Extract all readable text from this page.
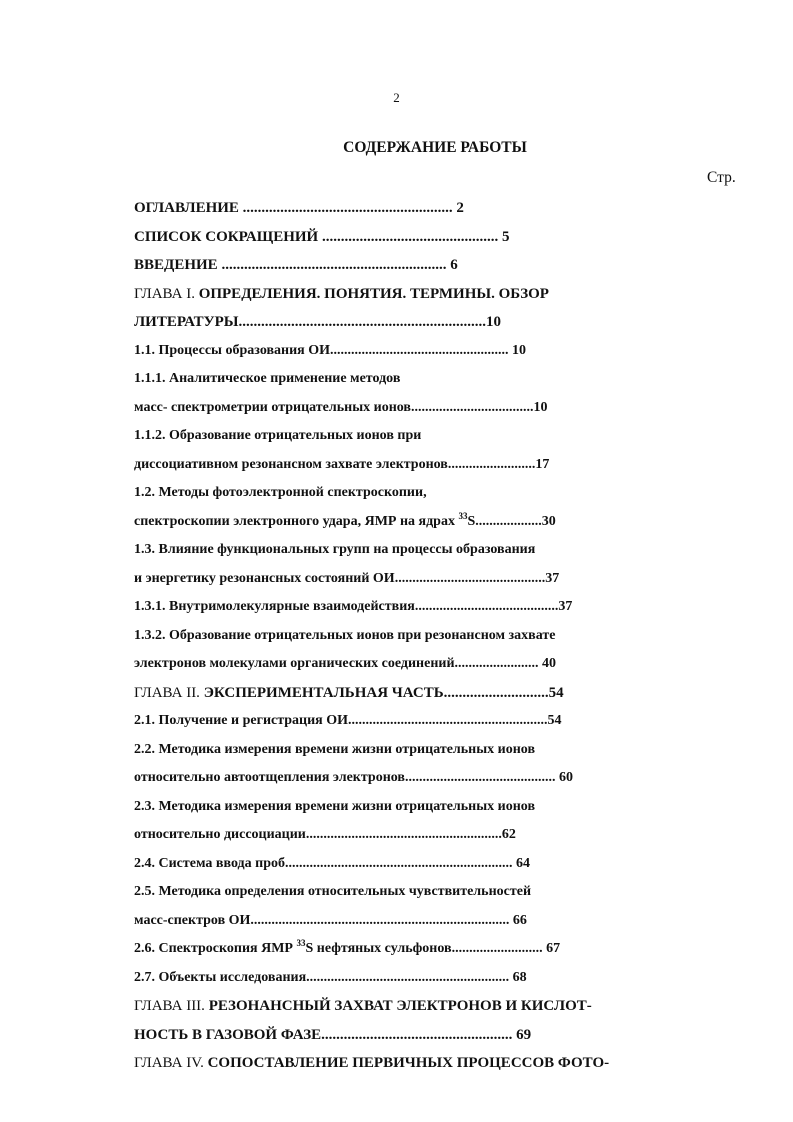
2
СОДЕРЖАНИЕ РАБОТЫ
Стр.
ОГЛАВЛЕНИЕ ........................................................ 2
СПИСОК СОКРАЩЕНИЙ ............................................... 5
ВВЕДЕНИЕ ............................................................ 6
ГЛАВА I. ОПРЕДЕЛЕНИЯ. ПОНЯТИЯ. ТЕРМИНЫ. ОБЗОР
ЛИТЕРАТУРЫ..................................................................10
1.1. Процессы образования ОИ................................................... 10
1.1.1. Аналитическое применение методов
масс- спектрометрии отрицательных ионов...................................10
1.1.2. Образование отрицательных ионов при
диссоциативном резонансном захвате электронов.........................17
1.2. Методы фотоэлектронной спектроскопии,
спектроскопии электронного удара, ЯМР на ядрах $^{33}$S...................30
1.3. Влияние функциональных групп на процессы образования
и энергетику резонансных состояний ОИ...........................................37
1.3.1. Внутримолекулярные взаимодействия.........................................37
1.3.2. Образование отрицательных ионов при резонансном захвате
электронов молекулами органических соединений........................ 40
ГЛАВА II. ЭКСПЕРИМЕНТАЛЬНАЯ ЧАСТЬ............................54
2.1. Получение и регистрация ОИ.........................................................54
2.2. Методика измерения времени жизни отрицательных ионов
относительно автоотщепления электронов........................................... 60
2.3. Методика измерения времени жизни отрицательных ионов
относительно диссоциации........................................................62
2.4. Система ввода проб................................................................. 64
2.5. Методика определения относительных чувствительностей
масс-спектров ОИ.......................................................................... 66
2.6. Спектроскопия ЯМР $^{33}$S нефтяных сульфонов.......................... 67
2.7. Объекты исследования.......................................................... 68
ГЛАВА III. РЕЗОНАНСНЫЙ ЗАХВАТ ЭЛЕКТРОНОВ И КИСЛОТ-
НОСТЬ В ГАЗОВОЙ ФАЗЕ................................................... 69
ГЛАВА IV. СОПОСТАВЛЕНИЕ ПЕРВИЧНЫХ ПРОЦЕССОВ ФОТО-
